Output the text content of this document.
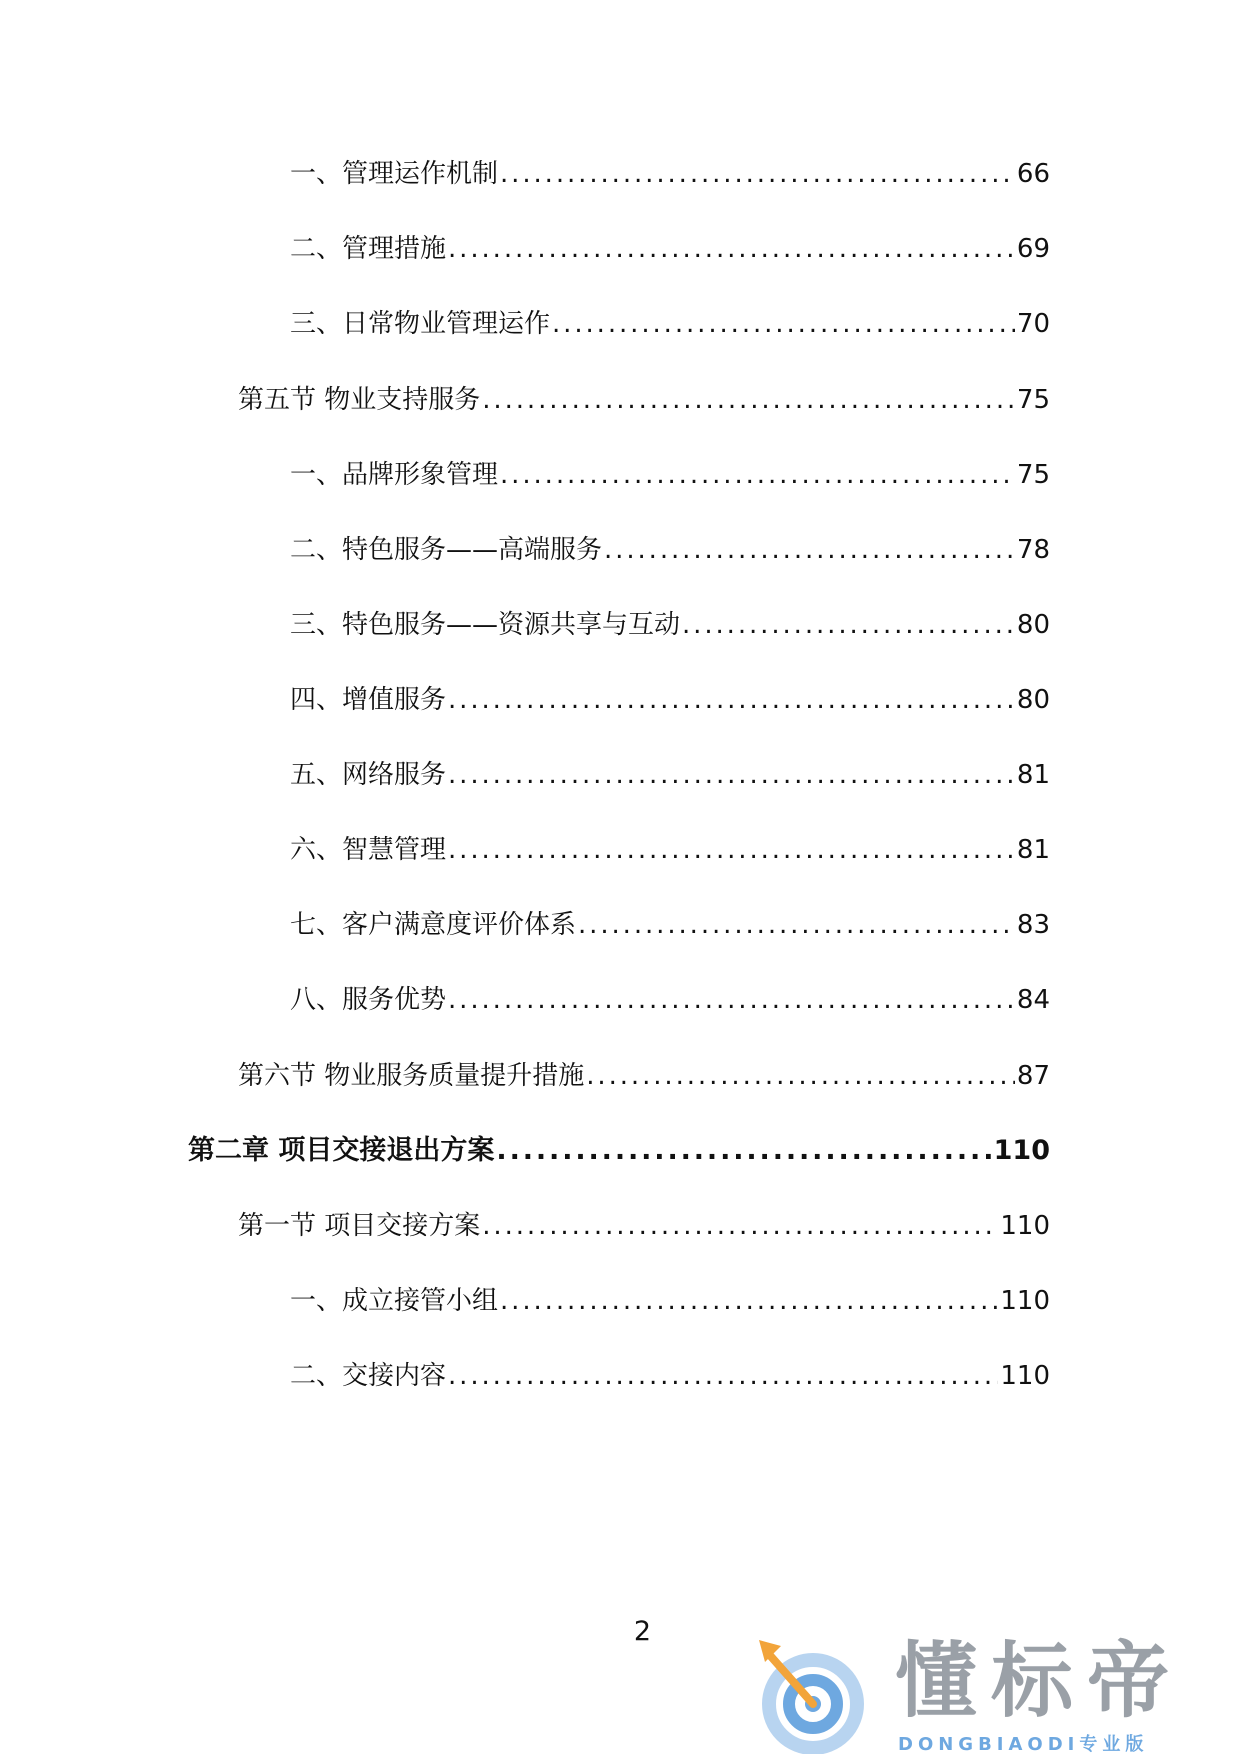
一、管理运作机制 .....	66
二、管理措施 .....	69
三、日常物业管理运作 .....	70
第五节 物业支持服务 .....	75
一、品牌形象管理 .....	75
二、特色服务——高端服务 .....	78
三、特色服务——资源共享与互动 .....	80
四、增值服务 .....	80
五、网络服务 .....	81
六、智慧管理 .....	81
七、客户满意度评价体系 .....	83
八、服务优势 .....	84
第六节 物业服务质量提升措施 .....	87
第二章 项目交接退出方案 .....	110
第一节 项目交接方案 .....	110
一、成立接管小组 .....	110
二、交接内容 .....	110
2
懂标帝
DONGBIAODI专业版
